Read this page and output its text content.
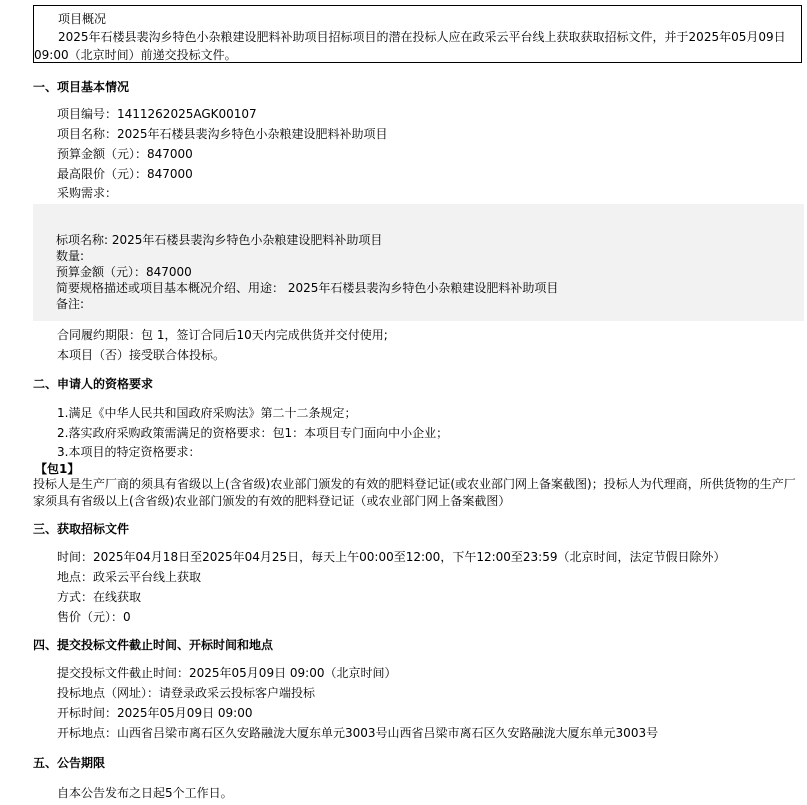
项目概况
2025年石楼县裴沟乡特色小杂粮建设肥料补助项目招标项目的潜在投标人应在政采云平台线上获取获取招标文件，并于2025年05月09日 09:00（北京时间）前递交投标文件。
一、项目基本情况
项目编号：1411262025AGK00107
项目名称：2025年石楼县裴沟乡特色小杂粮建设肥料补助项目
预算金额（元）：847000
最高限价（元）：847000
采购需求：
标项名称: 2025年石楼县裴沟乡特色小杂粮建设肥料补助项目
数量:
预算金额（元）：847000
简要规格描述或项目基本概况介绍、用途： 2025年石楼县裴沟乡特色小杂粮建设肥料补助项目
备注:
合同履约期限：包 1，签订合同后10天内完成供货并交付使用;
本项目（否）接受联合体投标。
二、申请人的资格要求
1.满足《中华人民共和国政府采购法》第二十二条规定；
2.落实政府采购政策需满足的资格要求：包1：本项目专门面向中小企业；
3.本项目的特定资格要求：
【包1】
投标人是生产厂商的须具有省级以上(含省级)农业部门颁发的有效的肥料登记证(或农业部门网上备案截图)；投标人为代理商，所供货物的生产厂家须具有省级以上(含省级)农业部门颁发的有效的肥料登记证（或农业部门网上备案截图）
三、获取招标文件
时间：2025年04月18日至2025年04月25日，每天上午00:00至12:00，下午12:00至23:59（北京时间，法定节假日除外）
地点：政采云平台线上获取
方式：在线获取
售价（元）：0
四、提交投标文件截止时间、开标时间和地点
提交投标文件截止时间：2025年05月09日 09:00（北京时间）
投标地点（网址）：请登录政采云投标客户端投标
开标时间：2025年05月09日 09:00
开标地点：山西省吕梁市离石区久安路融泷大厦东单元3003号山西省吕梁市离石区久安路融泷大厦东单元3003号
五、公告期限
自本公告发布之日起5个工作日。
